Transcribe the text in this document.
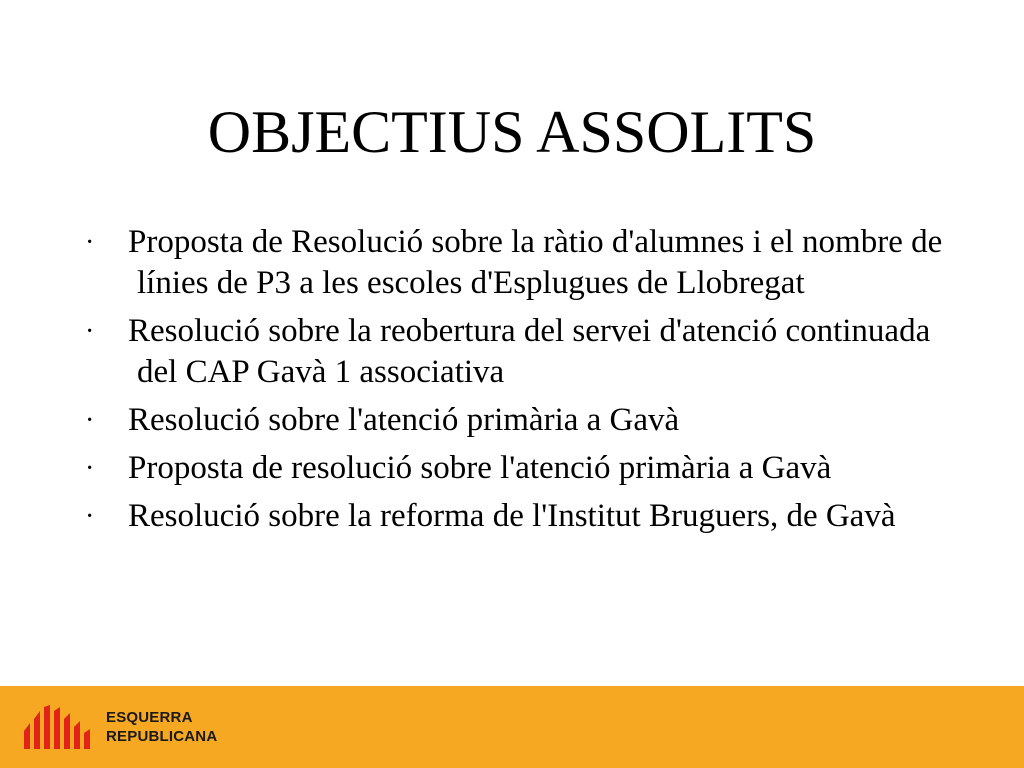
OBJECTIUS ASSOLITS
·	Proposta de Resolució sobre la ràtio d'alumnes i el nombre de línies de P3 a les escoles d'Esplugues de Llobregat
·	Resolució sobre la reobertura del servei d'atenció continuada del CAP Gavà 1 associativa
·	Resolució sobre l'atenció primària a Gavà
·	Proposta de resolució sobre l'atenció primària a Gavà
·	Resolució sobre la reforma de l'Institut Bruguers, de Gavà
ESQUERRA
REPUBLICANA
